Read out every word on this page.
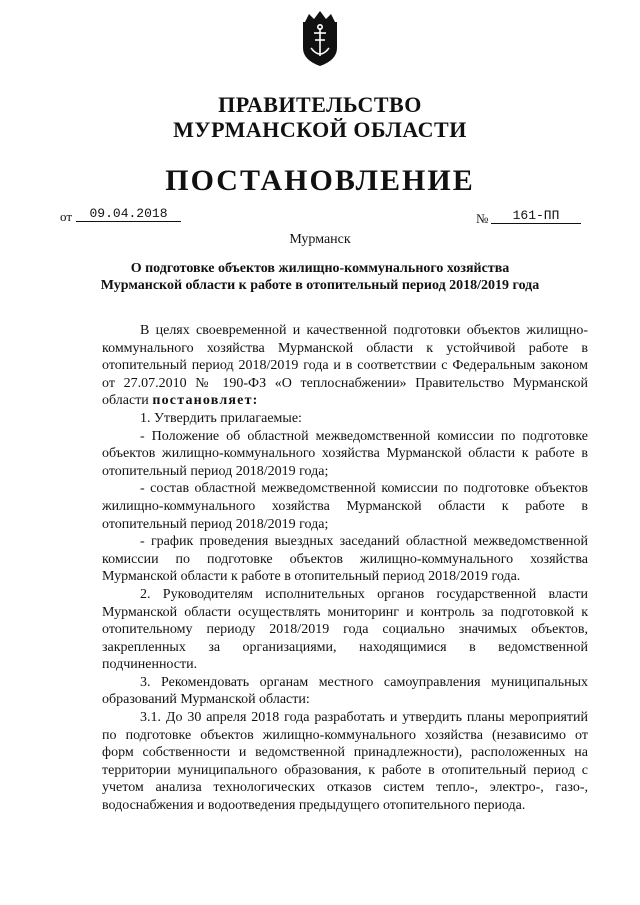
ПРАВИТЕЛЬСТВО
МУРМАНСКОЙ ОБЛАСТИ
ПОСТАНОВЛЕНИЕ
от	09.04.2018	№	161-ПП
Мурманск
О подготовке объектов жилищно-коммунального хозяйства
Мурманской области к работе в отопительный период 2018/2019 года

В целях своевременной и качественной подготовки объектов жилищно-коммунального хозяйства Мурманской области к устойчивой работе в отопительный период 2018/2019 года и в соответствии с Федеральным законом от 27.07.2010 № 190-ФЗ «О теплоснабжении» Правительство Мурманской области постановляет:

1. Утвердить прилагаемые:

- Положение об областной межведомственной комиссии по подготовке объектов жилищно-коммунального хозяйства Мурманской области к работе в отопительный период 2018/2019 года;

- состав областной межведомственной комиссии по подготовке объектов жилищно-коммунального хозяйства Мурманской области к работе в отопительный период 2018/2019 года;

- график проведения выездных заседаний областной межведомственной комиссии по подготовке объектов жилищно-коммунального хозяйства Мурманской области к работе в отопительный период 2018/2019 года.

2. Руководителям исполнительных органов государственной власти Мурманской области осуществлять мониторинг и контроль за подготовкой к отопительному периоду 2018/2019 года социально значимых объектов, закрепленных за организациями, находящимися в ведомственной подчиненности.

3. Рекомендовать органам местного самоуправления муниципальных образований Мурманской области:

3.1. До 30 апреля 2018 года разработать и утвердить планы мероприятий по подготовке объектов жилищно-коммунального хозяйства (независимо от форм собственности и ведомственной принадлежности), расположенных на территории муниципального образования, к работе в отопительный период с учетом анализа технологических отказов систем тепло-, электро-, газо-, водоснабжения и водоотведения предыдущего отопительного периода.
